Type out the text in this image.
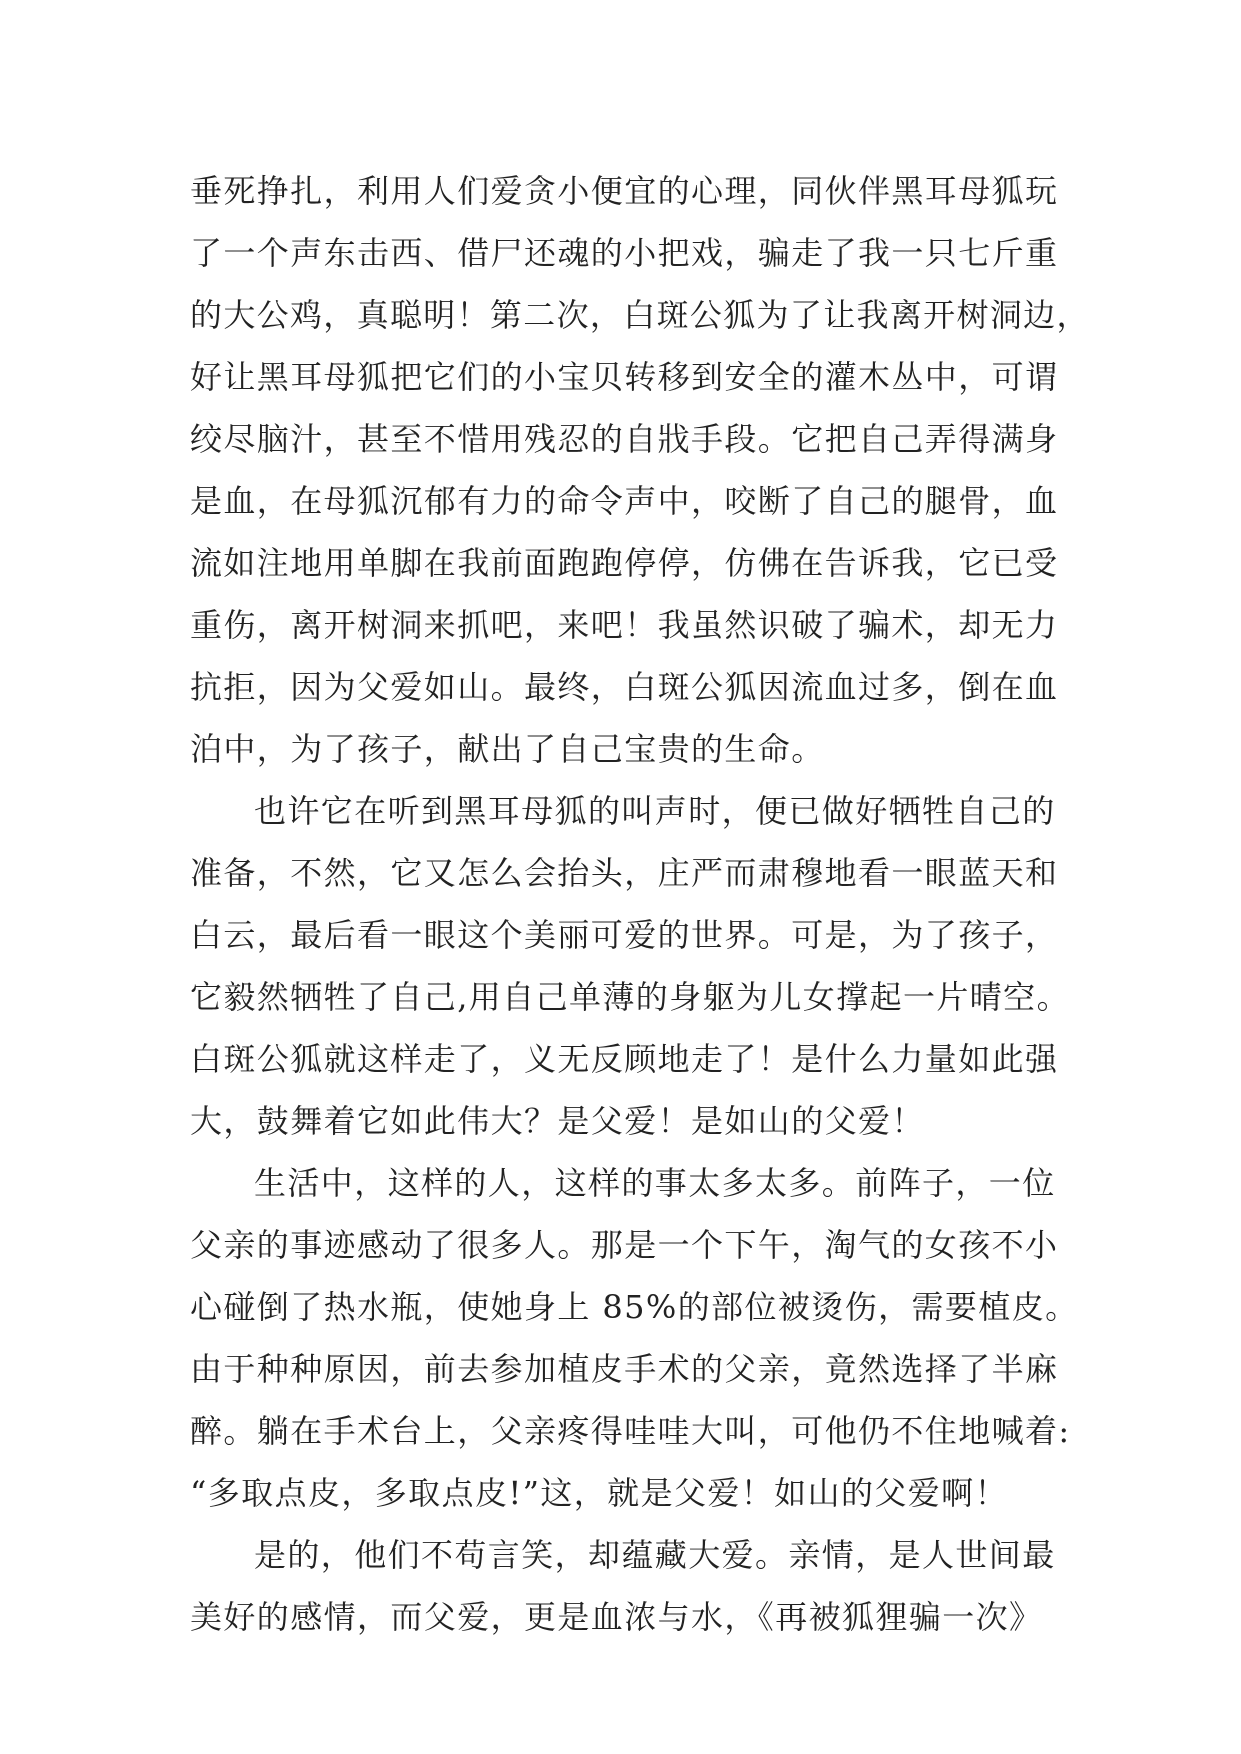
垂死挣扎，利用人们爱贪小便宜的心理，同伙伴黑耳母狐玩
了一个声东击西、借尸还魂的小把戏，骗走了我一只七斤重
的大公鸡，真聪明！第二次，白斑公狐为了让我离开树洞边，
好让黑耳母狐把它们的小宝贝转移到安全的灌木丛中，可谓
绞尽脑汁，甚至不惜用残忍的自戕手段。它把自己弄得满身
是血，在母狐沉郁有力的命令声中，咬断了自己的腿骨，血
流如注地用单脚在我前面跑跑停停，仿佛在告诉我，它已受
重伤，离开树洞来抓吧，来吧！我虽然识破了骗术，却无力
抗拒，因为父爱如山。最终，白斑公狐因流血过多，倒在血
泊中，为了孩子，献出了自己宝贵的生命。
也许它在听到黑耳母狐的叫声时，便已做好牺牲自己的
准备，不然，它又怎么会抬头，庄严而肃穆地看一眼蓝天和
白云，最后看一眼这个美丽可爱的世界。可是，为了孩子，
它毅然牺牲了自己,用自己单薄的身躯为儿女撑起一片晴空。
白斑公狐就这样走了，义无反顾地走了！是什么力量如此强
大，鼓舞着它如此伟大？是父爱！是如山的父爱！
生活中，这样的人，这样的事太多太多。前阵子，一位
父亲的事迹感动了很多人。那是一个下午，淘气的女孩不小
心碰倒了热水瓶，使她身上 85%的部位被烫伤，需要植皮。
由于种种原因，前去参加植皮手术的父亲，竟然选择了半麻
醉。躺在手术台上，父亲疼得哇哇大叫，可他仍不住地喊着:
“多取点皮，多取点皮!”这，就是父爱！如山的父爱啊！
是的，他们不苟言笑，却蕴藏大爱。亲情，是人世间最
美好的感情，而父爱，更是血浓与水，《再被狐狸骗一次》
